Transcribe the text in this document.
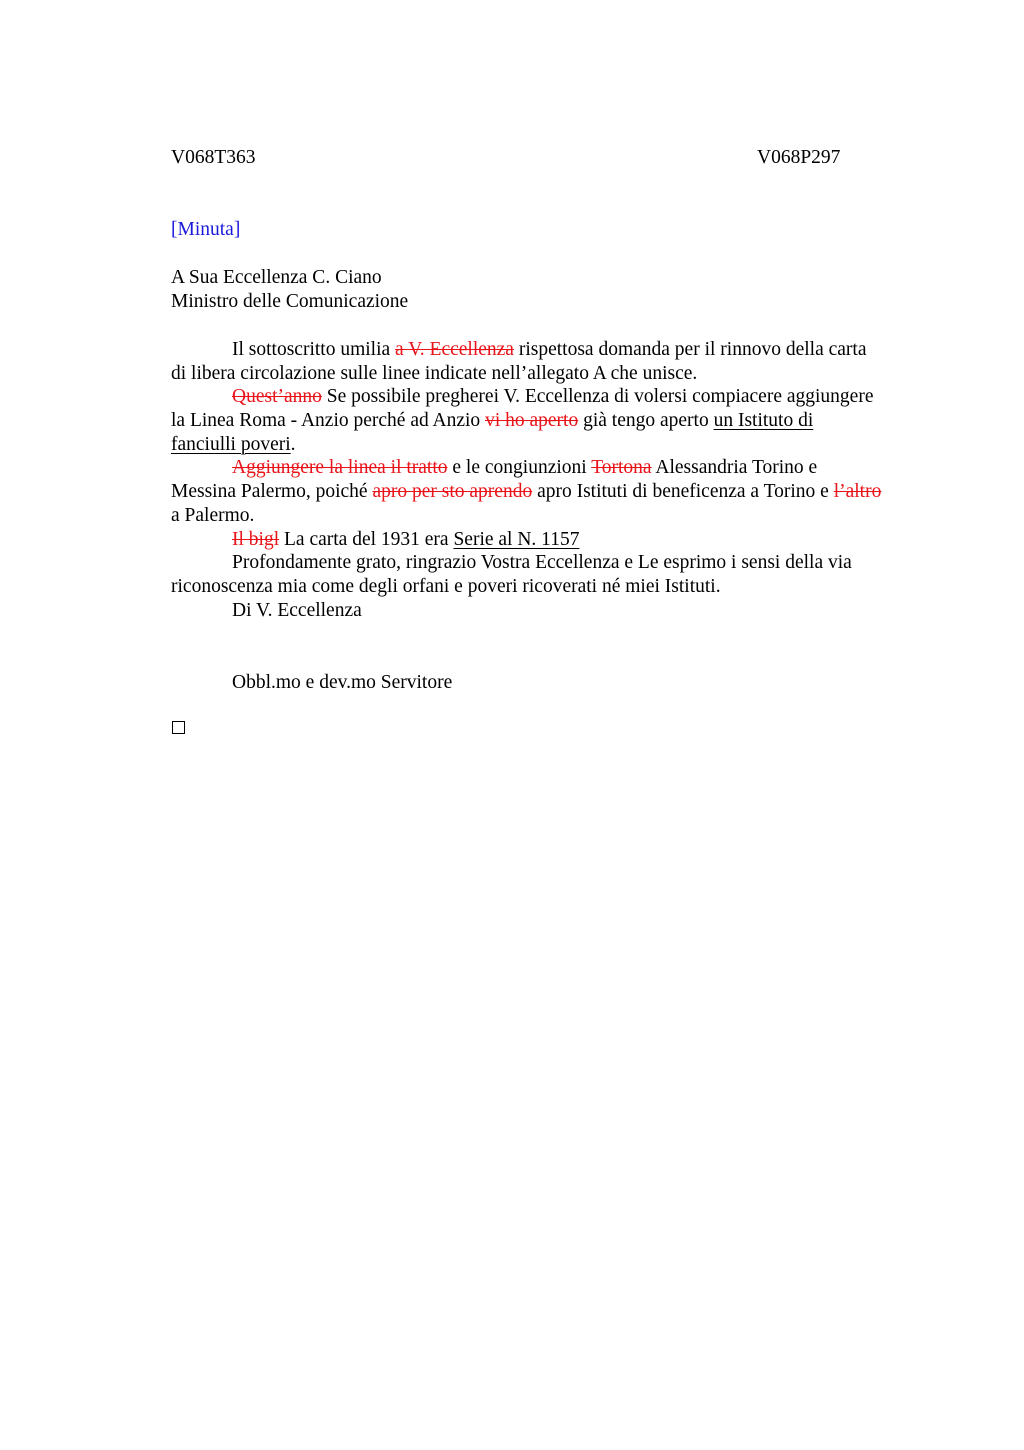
V068T363	V068P297
[Minuta]
A Sua Eccellenza C. Ciano
Ministro delle Comunicazione
Il sottoscritto umilia a V. Eccellenza rispettosa domanda per il rinnovo della carta
di libera circolazione sulle linee indicate nell’allegato A che unisce.
Quest’anno Se possibile pregherei V. Eccellenza di volersi compiacere aggiungere
la Linea Roma - Anzio perché ad Anzio vi ho aperto già tengo aperto un Istituto di
fanciulli poveri.
Aggiungere la linea il tratto e le congiunzioni Tortona Alessandria Torino e
Messina Palermo, poiché apro per sto aprendo apro Istituti di beneficenza a Torino e l’altro
a Palermo.
Il bigl La carta del 1931 era Serie al N. 1157
Profondamente grato, ringrazio Vostra Eccellenza e Le esprimo i sensi della via
riconoscenza mia come degli orfani e poveri ricoverati né miei Istituti.
Di V. Eccellenza
Obbl.mo e dev.mo Servitore
